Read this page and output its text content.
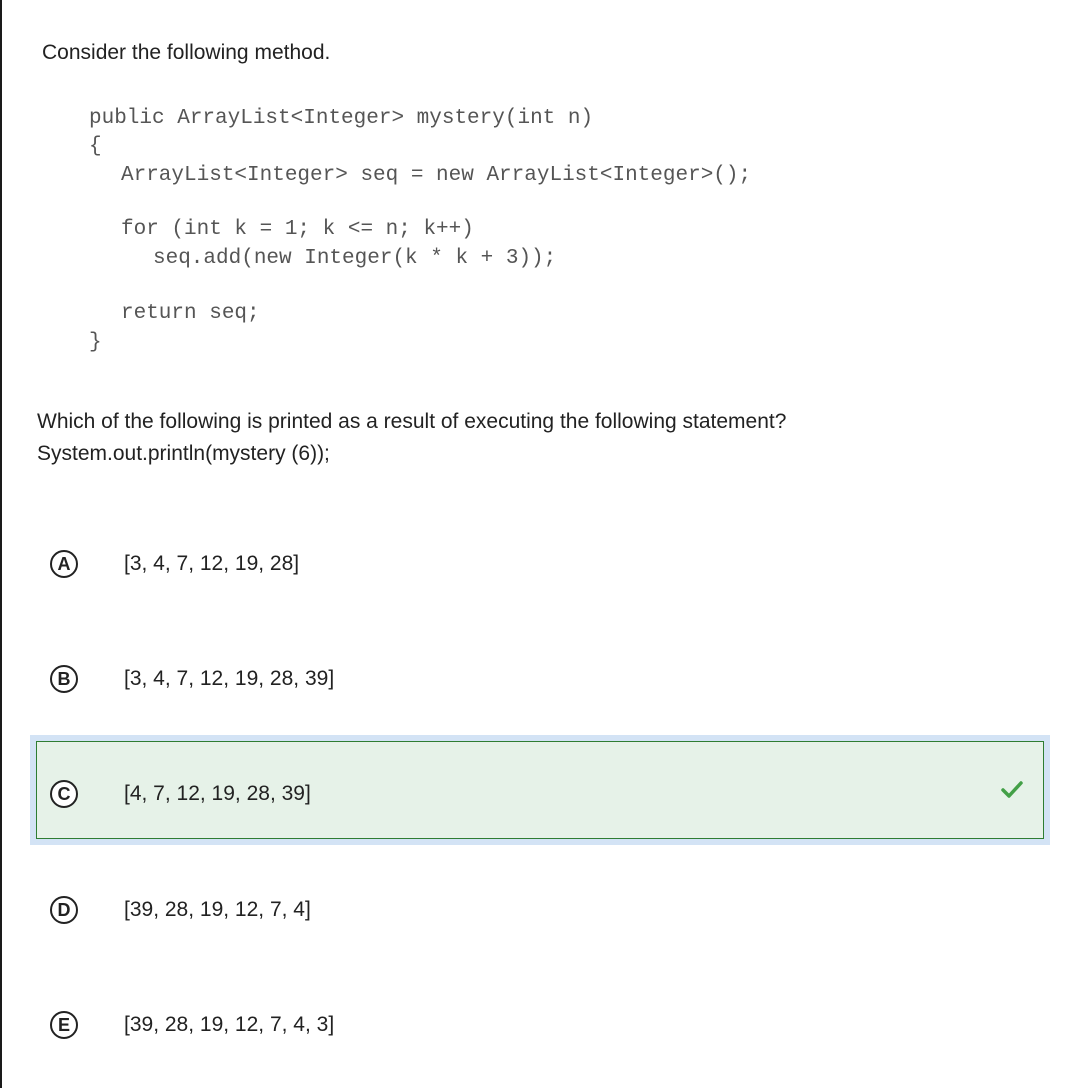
Consider the following method.
public ArrayList<Integer> mystery(int n)
{
ArrayList<Integer> seq = new ArrayList<Integer>();
for (int k = 1; k <= n; k++)
seq.add(new Integer(k * k + 3));
return seq;
}
Which of the following is printed as a result of executing the following statement?
System.out.println(mystery (6));
A	[3, 4, 7, 12, 19, 28]
B	[3, 4, 7, 12, 19, 28, 39]
C	[4, 7, 12, 19, 28, 39]
D	[39, 28, 19, 12, 7, 4]
E	[39, 28, 19, 12, 7, 4, 3]
